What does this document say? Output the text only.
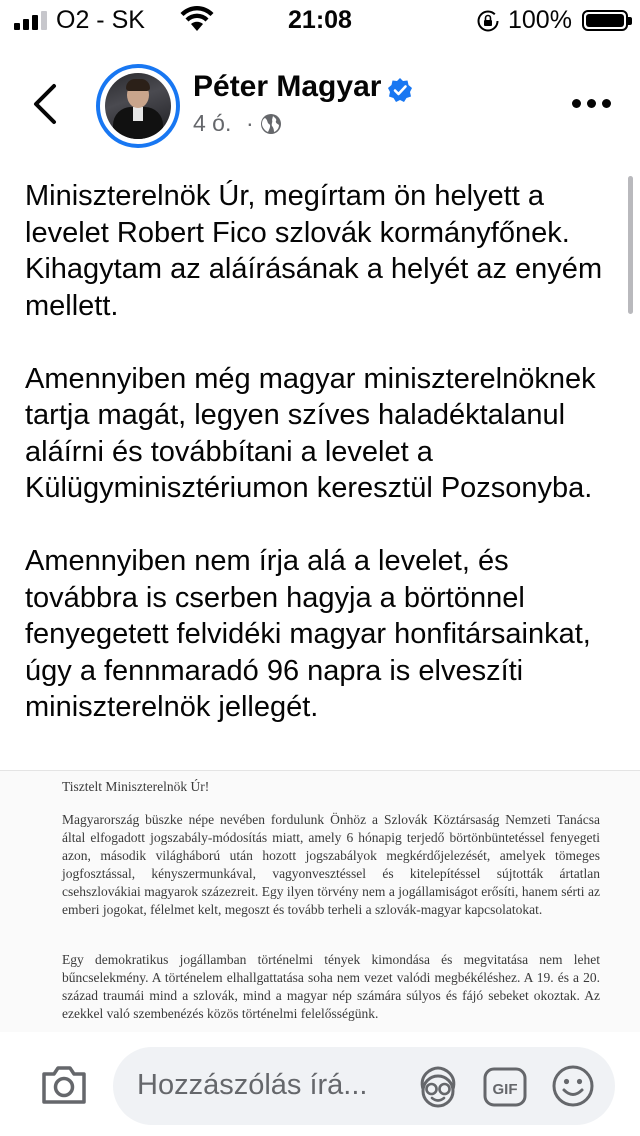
O2 - SK	21:08	100%
Péter Magyar
4 ó. ·

Miniszterelnök Úr, megírtam ön helyett a levelet Robert Fico szlovák kormányfőnek. Kihagytam az aláírásának a helyét az enyém mellett.

Amennyiben még magyar miniszterelnöknek tartja magát, legyen szíves haladéktalanul aláírni és továbbítani a levelet a Külügyminisztériumon keresztül Pozsonyba.

Amennyiben nem írja alá a levelet, és továbbra is cserben hagyja a börtönnel fenyegetett felvidéki magyar honfitársainkat, úgy a fennmaradó 96 napra is elveszíti miniszterelnök jellegét.

Tisztelt Miniszterelnök Úr!
Magyarország büszke népe nevében fordulunk Önhöz a Szlovák Köztársaság Nemzeti Tanácsa által elfogadott jogszabály-módosítás miatt, amely 6 hónapig terjedő börtönbüntetéssel fenyegeti azon, második világháború után hozott jogszabályok megkérdőjelezését, amelyek tömeges jogfosztással, kényszermunkával, vagyonvesztéssel és kitelepítéssel sújtották ártatlan csehszlovákiai magyarok százezreit. Egy ilyen törvény nem a jogállamiságot erősíti, hanem sérti az emberi jogokat, félelmet kelt, megoszt és tovább terheli a szlovák-magyar kapcsolatokat.
Egy demokratikus jogállamban történelmi tények kimondása és megvitatása nem lehet bűncselekmény. A történelem elhallgattatása soha nem vezet valódi megbékéléshez. A 19. és a 20. század traumái mind a szlovák, mind a magyar nép számára súlyos és fájó sebeket okoztak. Az ezekkel való szembenézés közös történelmi felelősségünk.
Hozzászólás írá...	GIF
